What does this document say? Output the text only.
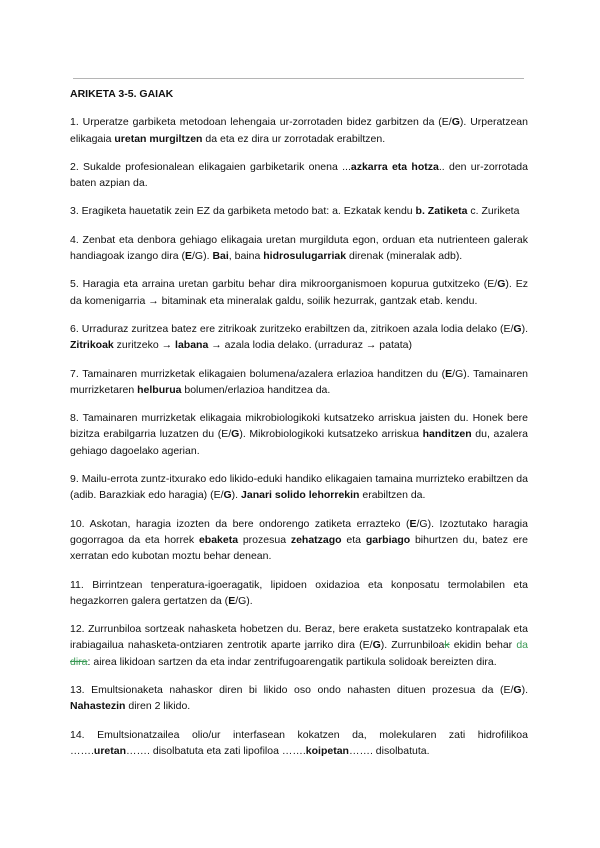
ARIKETA 3-5. GAIAK

1. Urperatze garbiketa metodoan lehengaia ur-zorrotaden bidez garbitzen da (E/G). Urperatzean elikagaia uretan murgiltzen da eta ez dira ur zorrotadak erabiltzen.

2. Sukalde profesionalean elikagaien garbiketarik onena ...azkarra eta hotza.. den ur-zorrotada baten azpian da.

3. Eragiketa hauetatik zein EZ da garbiketa metodo bat: a. Ezkatak kendu b. Zatiketa c. Zuriketa

4. Zenbat eta denbora gehiago elikagaia uretan murgilduta egon, orduan eta nutrienteen galerak handiagoak izango dira (E/G). Bai, baina hidrosulugarriak direnak (mineralak adb).

5. Haragia eta arraina uretan garbitu behar dira mikroorganismoen kopurua gutxitzeko (E/G). Ez da komenigarria → bitaminak eta mineralak galdu, soilik hezurrak, gantzak etab. kendu.

6. Urraduraz zuritzea batez ere zitrikoak zuritzeko erabiltzen da, zitrikoen azala lodia delako (E/G). Zitrikoak zuritzeko → labana → azala lodia delako. (urraduraz → patata)

7. Tamainaren murrizketak elikagaien bolumena/azalera erlazioa handitzen du (E/G). Tamainaren murrizketaren helburua bolumen/erlazioa handitzea da.

8. Tamainaren murrizketak elikagaia mikrobiologikoki kutsatzeko arriskua jaisten du. Honek bere bizitza erabilgarria luzatzen du (E/G). Mikrobiologikoki kutsatzeko arriskua handitzen du, azalera gehiago dagoelako agerian.

9. Mailu-errota zuntz-itxurako edo likido-eduki handiko elikagaien tamaina murrizteko erabiltzen da (adib. Barazkiak edo haragia) (E/G). Janari solido lehorrekin erabiltzen da.

10. Askotan, haragia izozten da bere ondorengo zatiketa errazteko (E/G). Izoztutako haragia gogorragoa da eta horrek ebaketa prozesua zehatzago eta garbiago bihurtzen du, batez ere xerratan edo kubotan moztu behar denean.

11. Birrintzean tenperatura-igoeragatik, lipidoen oxidazioa eta konposatu termolabilen eta hegazkorren galera gertatzen da (E/G).

12. Zurrunbiloa sortzeak nahasketa hobetzen du. Beraz, bere eraketa sustatzeko kontrapalak eta irabiagailua nahasketa-ontziaren zentrotik aparte jarriko dira (E/G). Zurrunbiloak ekidin behar da dira: airea likidoan sartzen da eta indar zentrifugoarengatik partikula solidoak bereizten dira.

13. Emultsionaketa nahaskor diren bi likido oso ondo nahasten dituen prozesua da (E/G). Nahastezin diren 2 likido.

14. Emultsionatzailea olio/ur interfasean kokatzen da, molekularen zati hidrofilikoa …….uretan……. disolbatuta eta zati lipofiloa …….koipetan……. disolbatuta.
